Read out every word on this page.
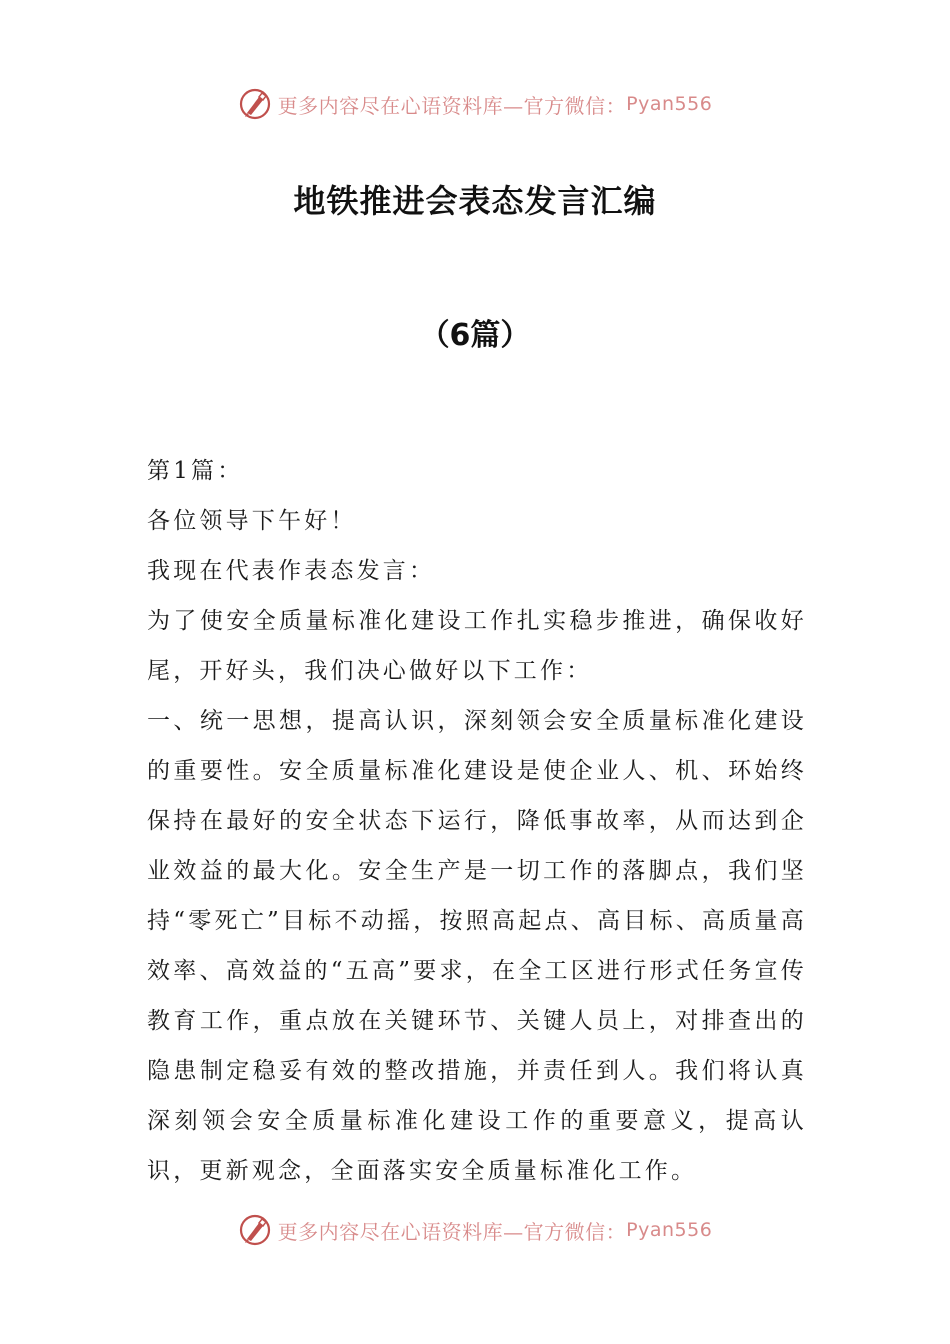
更多内容尽在心语资料库—官方微信： Pyan556
地铁推进会表态发言汇编
（6篇）

第1篇：

各位领导下午好！

我现在代表作表态发言：

为了使安全质量标准化建设工作扎实稳步推进，确保收好尾，开好头，我们决心做好以下工作：

一、统一思想，提高认识，深刻领会安全质量标准化建设的重要性。安全质量标准化建设是使企业人、机、环始终保持在最好的安全状态下运行，降低事故率，从而达到企业效益的最大化。安全生产是一切工作的落脚点，我们坚持“零死亡”目标不动摇，按照高起点、高目标、高质量高效率、高效益的“五高”要求，在全工区进行形式任务宣传教育工作，重点放在关键环节、关键人员上，对排查出的隐患制定稳妥有效的整改措施，并责任到人。我们将认真深刻领会安全质量标准化建设工作的重要意义，提高认识，更新观念，全面落实安全质量标准化工作。

更多内容尽在心语资料库—官方微信： Pyan556
